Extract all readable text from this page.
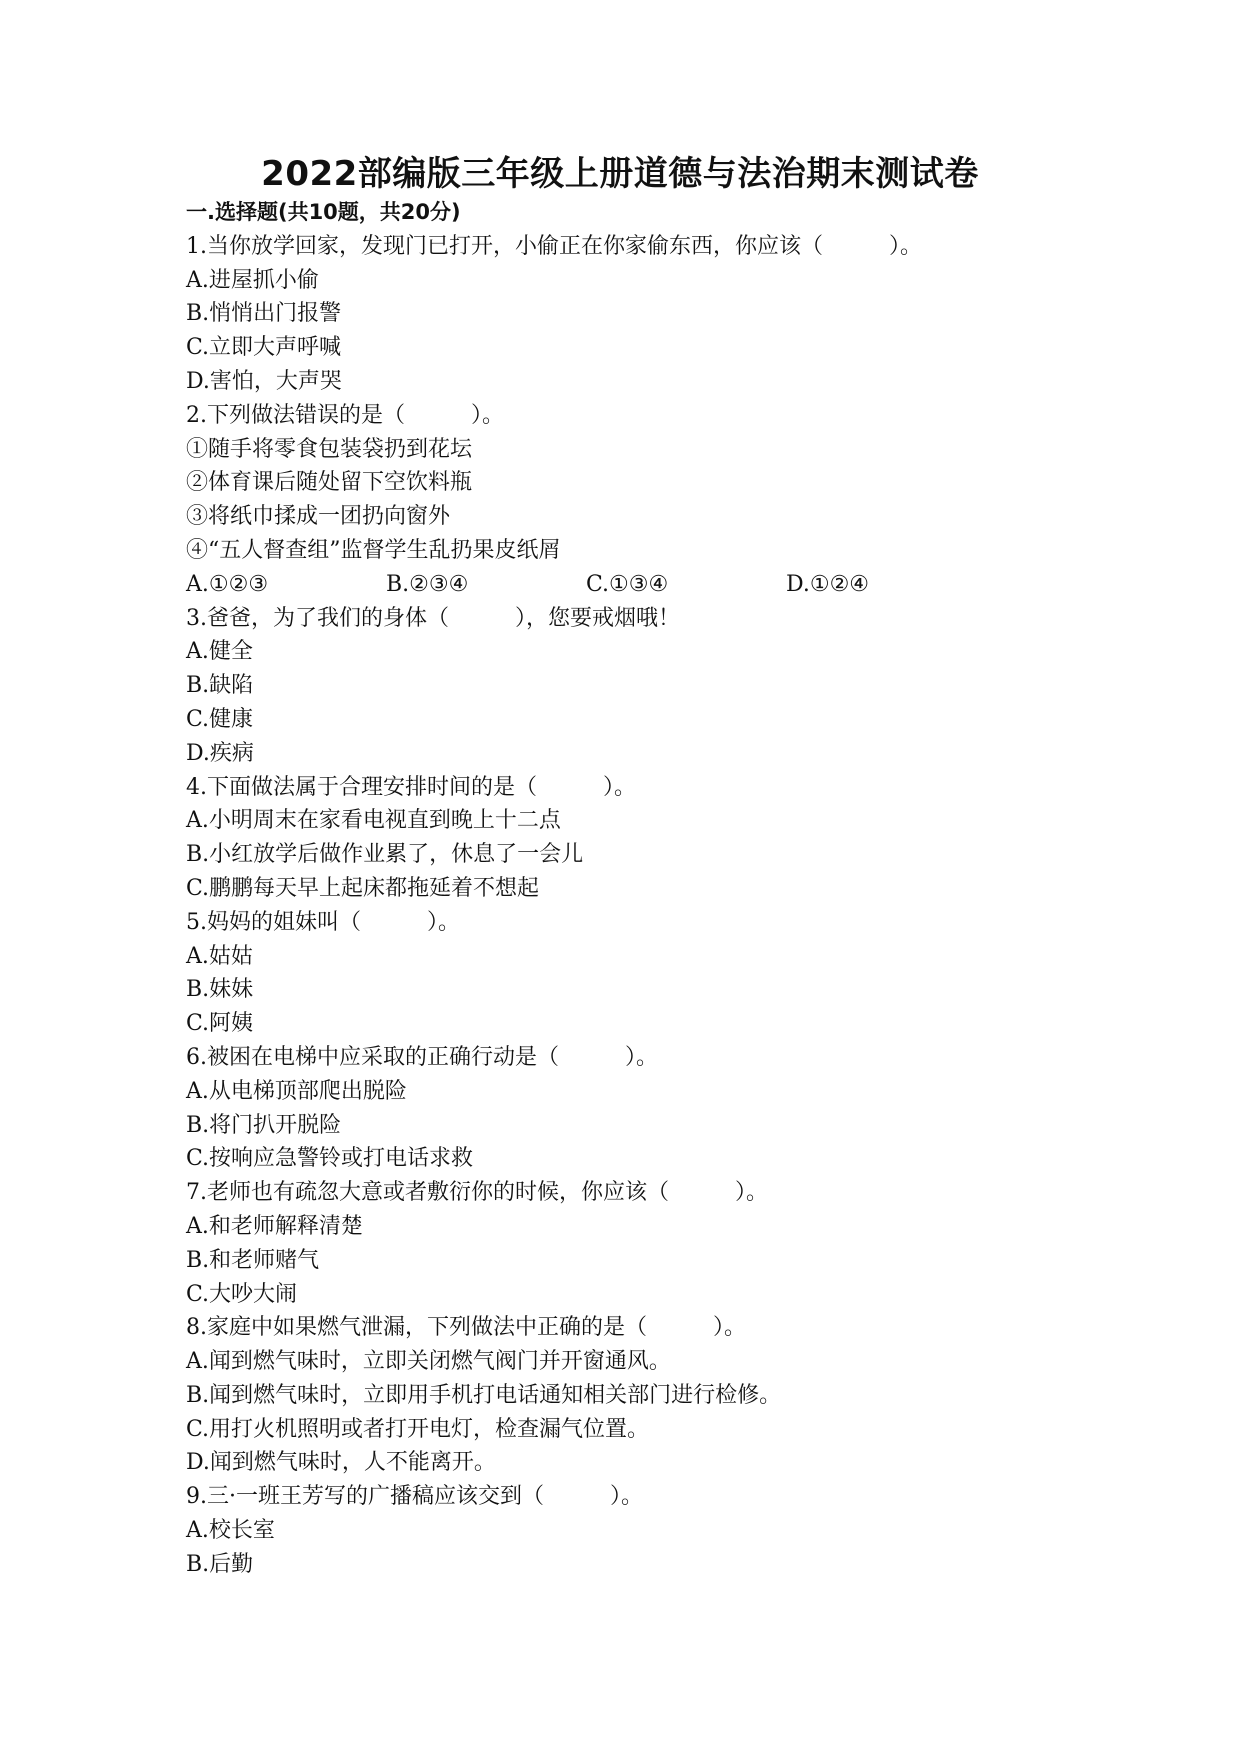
2022部编版三年级上册道德与法治期末测试卷
一.选择题(共10题，共20分)
1.当你放学回家，发现门已打开，小偷正在你家偷东西，你应该（　　　）。
A.进屋抓小偷
B.悄悄出门报警
C.立即大声呼喊
D.害怕，大声哭
2.下列做法错误的是（　　　）。
①随手将零食包装袋扔到花坛
②体育课后随处留下空饮料瓶
③将纸巾揉成一团扔向窗外
④“五人督查组”监督学生乱扔果皮纸屑
A.①②③	B.②③④	C.①③④	D.①②④
3.爸爸，为了我们的身体（　　　），您要戒烟哦！
A.健全
B.缺陷
C.健康
D.疾病
4.下面做法属于合理安排时间的是（　　　）。
A.小明周末在家看电视直到晚上十二点
B.小红放学后做作业累了，休息了一会儿
C.鹏鹏每天早上起床都拖延着不想起
5.妈妈的姐妹叫（　　　）。
A.姑姑
B.妹妹
C.阿姨
6.被困在电梯中应采取的正确行动是（　　　）。
A.从电梯顶部爬出脱险
B.将门扒开脱险
C.按响应急警铃或打电话求救
7.老师也有疏忽大意或者敷衍你的时候，你应该（　　　）。
A.和老师解释清楚
B.和老师赌气
C.大吵大闹
8.家庭中如果燃气泄漏，下列做法中正确的是（　　　）。
A.闻到燃气味时，立即关闭燃气阀门并开窗通风。
B.闻到燃气味时，立即用手机打电话通知相关部门进行检修。
C.用打火机照明或者打开电灯，检查漏气位置。
D.闻到燃气味时，人不能离开。
9.三·一班王芳写的广播稿应该交到（　　　）。
A.校长室
B.后勤
